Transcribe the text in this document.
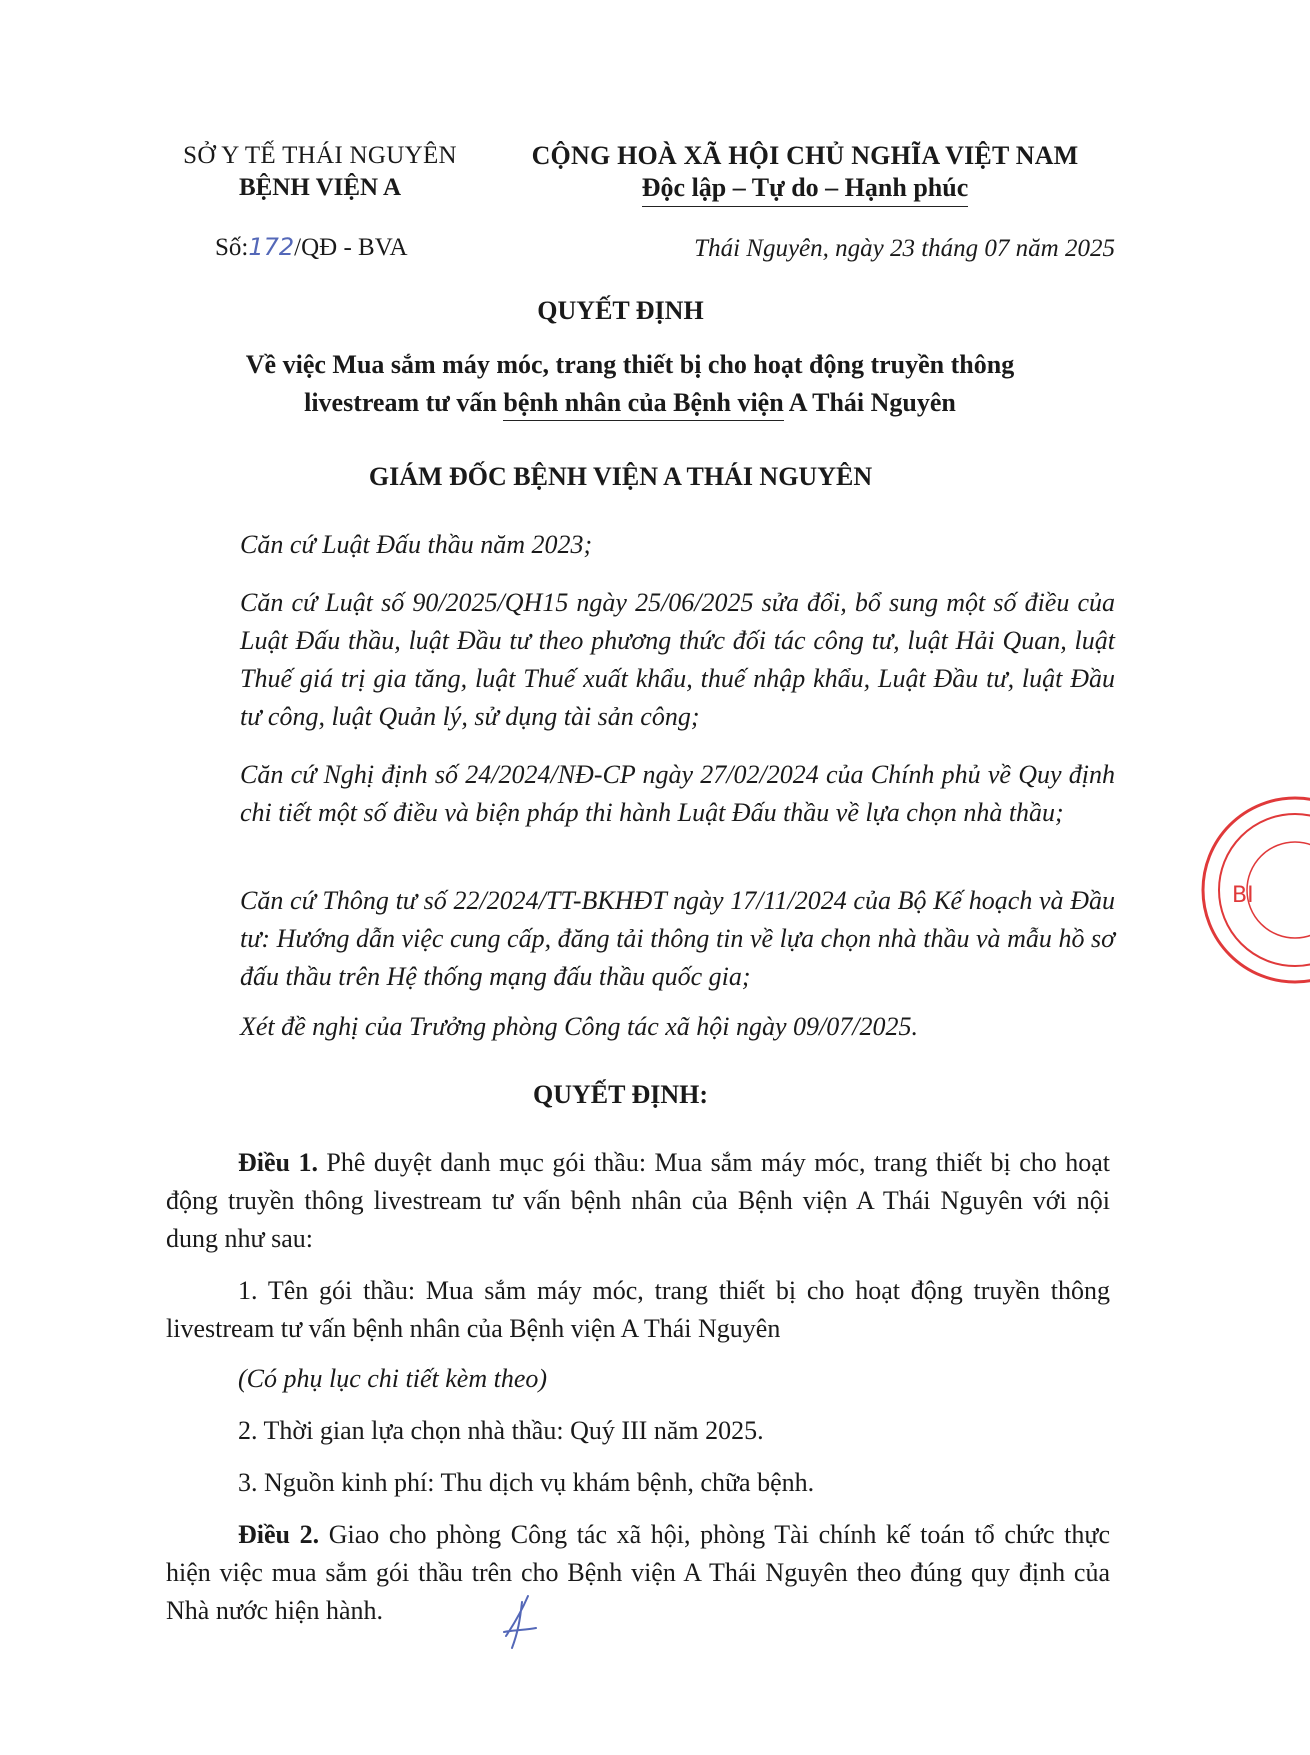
SỞ Y TẾ THÁI NGUYÊN
BỆNH VIỆN A
CỘNG HOÀ XÃ HỘI CHỦ NGHĨA VIỆT NAM
Độc lập – Tự do – Hạnh phúc
Số:172/QĐ - BVA	Thái Nguyên, ngày 23 tháng 07 năm 2025
QUYẾT ĐỊNH
Về việc Mua sắm máy móc, trang thiết bị cho hoạt động truyền thông
livestream tư vấn bệnh nhân của Bệnh viện A Thái Nguyên
GIÁM ĐỐC BỆNH VIỆN A THÁI NGUYÊN
Căn cứ Luật Đấu thầu năm 2023;
Căn cứ Luật số 90/2025/QH15 ngày 25/06/2025 sửa đổi, bổ sung một số điều của Luật Đấu thầu, luật Đầu tư theo phương thức đối tác công tư, luật Hải Quan, luật Thuế giá trị gia tăng, luật Thuế xuất khẩu, thuế nhập khẩu, Luật Đầu tư, luật Đầu tư công, luật Quản lý, sử dụng tài sản công;
Căn cứ Nghị định số 24/2024/NĐ-CP ngày 27/02/2024 của Chính phủ về Quy định chi tiết một số điều và biện pháp thi hành Luật Đấu thầu về lựa chọn nhà thầu;
Căn cứ Thông tư số 22/2024/TT-BKHĐT ngày 17/11/2024 của Bộ Kế hoạch và Đầu tư: Hướng dẫn việc cung cấp, đăng tải thông tin về lựa chọn nhà thầu và mẫu hồ sơ đấu thầu trên Hệ thống mạng đấu thầu quốc gia;
Xét đề nghị của Trưởng phòng Công tác xã hội ngày 09/07/2025.
QUYẾT ĐỊNH:
Điều 1. Phê duyệt danh mục gói thầu: Mua sắm máy móc, trang thiết bị cho hoạt động truyền thông livestream tư vấn bệnh nhân của Bệnh viện A Thái Nguyên với nội dung như sau:
1. Tên gói thầu: Mua sắm máy móc, trang thiết bị cho hoạt động truyền thông livestream tư vấn bệnh nhân của Bệnh viện A Thái Nguyên
(Có phụ lục chi tiết kèm theo)
2. Thời gian lựa chọn nhà thầu: Quý III năm 2025.
3. Nguồn kinh phí: Thu dịch vụ khám bệnh, chữa bệnh.
Điều 2. Giao cho phòng Công tác xã hội, phòng Tài chính kế toán tổ chức thực hiện việc mua sắm gói thầu trên cho Bệnh viện A Thái Nguyên theo đúng quy định của Nhà nước hiện hành.
BI
